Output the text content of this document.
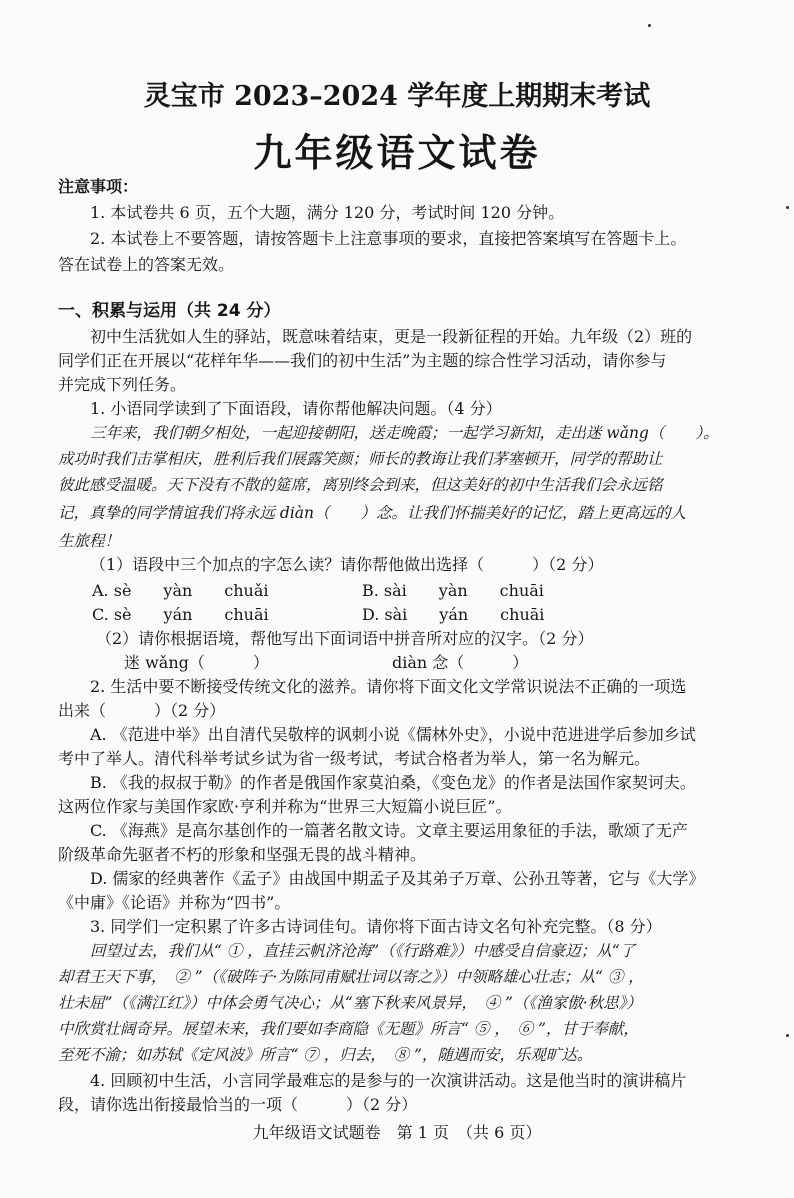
灵宝市 2023–2024 学年度上期期末考试
九年级语文试卷
注意事项：
1. 本试卷共 6 页，五个大题，满分 120 分，考试时间 120 分钟。
2. 本试卷上不要答题，请按答题卡上注意事项的要求，直接把答案填写在答题卡上。
答在试卷上的答案无效。
一、积累与运用（共 24 分）
初中生活犹如人生的驿站，既意味着结束，更是一段新征程的开始。九年级（2）班的
同学们正在开展以“花样年华——我们的初中生活”为主题的综合性学习活动，请你参与
并完成下列任务。
1. 小语同学读到了下面语段，请你帮他解决问题。（4 分）
三年来，我们朝夕相处，一起迎接朝阳，送走晚霞；一起学习新知，走出迷 wǎng（　　）。
成功时我们击掌相庆，胜利后我们展露笑颜；师长的教诲让我们茅塞顿开，同学的帮助让
彼此感受温暖。天下没有不散的筵席，离别终会到来，但这美好的初中生活我们会永远铭
记，真挚的同学情谊我们将永远 diàn（　　）念。让我们怀揣美好的记忆，踏上更高远的人
生旅程！
（1）语段中三个加点的字怎么读？请你帮他做出选择（　　　）（2 分）
A. sè　　yàn　　chuǎi	B. sài　　yàn　　chuāi
C. sè　　yán　　chuāi	D. sài　　yán　　chuāi
（2）请你根据语境，帮他写出下面词语中拼音所对应的汉字。（2 分）
迷 wǎng（　　　）	diàn 念（　　　）
2. 生活中要不断接受传统文化的滋养。请你将下面文化文学常识说法不正确的一项选
出来（　　　）（2 分）
A. 《范进中举》出自清代吴敬梓的讽刺小说《儒林外史》，小说中范进进学后参加乡试
考中了举人。清代科举考试乡试为省一级考试，考试合格者为举人，第一名为解元。
B. 《我的叔叔于勒》的作者是俄国作家莫泊桑，《变色龙》的作者是法国作家契诃夫。
这两位作家与美国作家欧·亨利并称为“世界三大短篇小说巨匠”。
C. 《海燕》是高尔基创作的一篇著名散文诗。文章主要运用象征的手法，歌颂了无产
阶级革命先驱者不朽的形象和坚强无畏的战斗精神。
D. 儒家的经典著作《孟子》由战国中期孟子及其弟子万章、公孙丑等著，它与《大学》
《中庸》《论语》并称为“四书”。
3. 同学们一定积累了许多古诗词佳句。请你将下面古诗文名句补充完整。（8 分）
回望过去，我们从“ ① ，直挂云帆济沧海”（《行路难》）中感受自信豪迈；从“了
却君王天下事，　② ”（《破阵子·为陈同甫赋壮词以寄之》）中领略雄心壮志；从“ ③ ，
壮未屈”（《满江红》）中体会勇气决心；从“塞下秋来风景异，　④ ”（《渔家傲·秋思》）
中欣赏壮阔奇异。展望未来，我们要如李商隐《无题》所言“ ⑤ ，　⑥ ”，甘于奉献，
至死不渝；如苏轼《定风波》所言“ ⑦ ，归去，　⑧ ”，随遇而安，乐观旷达。
4. 回顾初中生活，小言同学最难忘的是参与的一次演讲活动。这是他当时的演讲稿片
段，请你选出衔接最恰当的一项（　　　）（2 分）
九年级语文试题卷　第 1 页　（共 6 页）
